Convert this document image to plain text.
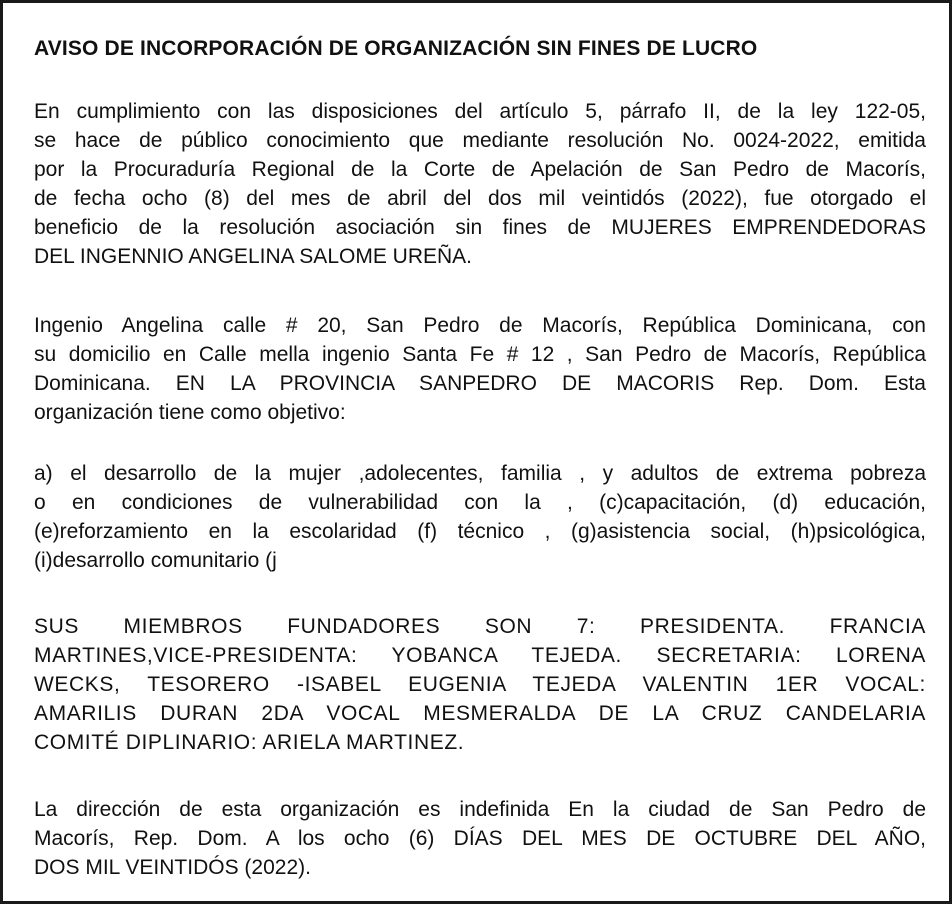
AVISO DE INCORPORACIÓN DE ORGANIZACIÓN SIN FINES DE LUCRO

En cumplimiento con las disposiciones del artículo 5, párrafo II, de la ley 122-05,
se hace de público conocimiento que mediante resolución No. 0024-2022, emitida
por la Procuraduría Regional de la Corte de Apelación de San Pedro de Macorís,
de fecha ocho (8) del mes de abril del dos mil veintidós (2022), fue otorgado el
beneficio de la resolución asociación sin fines de MUJERES EMPRENDEDORAS
DEL INGENNIO ANGELINA SALOME UREÑA.

Ingenio Angelina calle # 20, San Pedro de Macorís, República Dominicana, con
su domicilio en Calle mella ingenio Santa Fe # 12 , San Pedro de Macorís, República
Dominicana. EN LA PROVINCIA SANPEDRO DE MACORIS Rep. Dom. Esta
organización tiene como objetivo:

a) el desarrollo de la mujer ,adolecentes, familia , y adultos de extrema pobreza
o en condiciones de vulnerabilidad con la , (c)capacitación, (d) educación,
(e)reforzamiento en la escolaridad (f) técnico , (g)asistencia social, (h)psicológica,
(i)desarrollo comunitario (j

SUS MIEMBROS FUNDADORES SON 7: PRESIDENTA. FRANCIA
MARTINES,VICE-PRESIDENTA: YOBANCA TEJEDA. SECRETARIA: LORENA
WECKS, TESORERO -ISABEL EUGENIA TEJEDA VALENTIN 1ER VOCAL:
AMARILIS DURAN 2DA VOCAL MESMERALDA DE LA CRUZ CANDELARIA
COMITÉ DIPLINARIO: ARIELA MARTINEZ.

La dirección de esta organización es indefinida En la ciudad de San Pedro de
Macorís, Rep. Dom. A los ocho (6) DÍAS DEL MES DE OCTUBRE DEL AÑO,
DOS MIL VEINTIDÓS (2022).
